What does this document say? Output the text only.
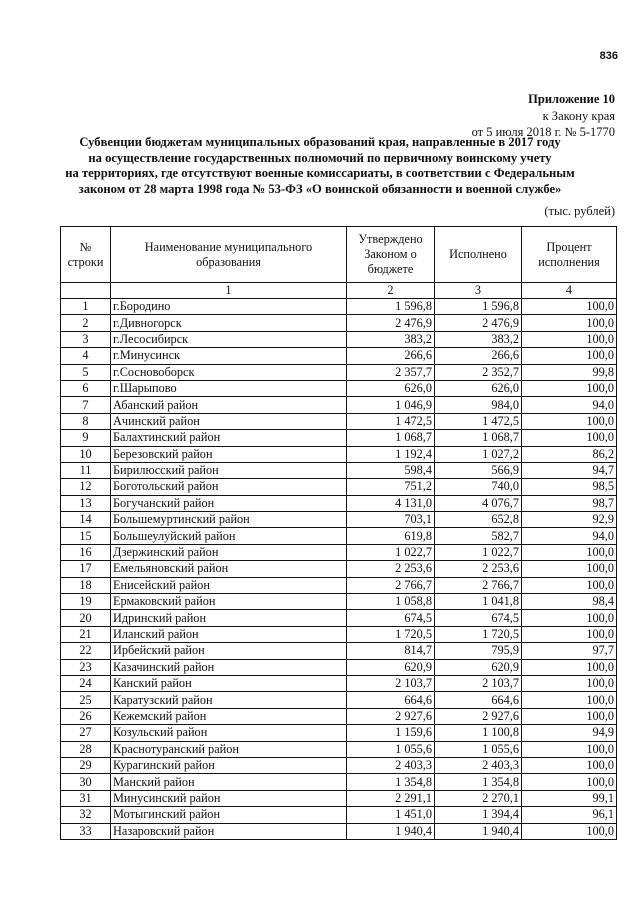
836
Приложение 10
к Закону края
от 5 июля 2018 г. № 5-1770
Субвенции бюджетам муниципальных образований края, направленные в 2017 году
на осуществление государственных полномочий по первичному воинскому учету
на территориях, где отсутствуют военные комиссариаты, в соответствии с Федеральным
законом от 28 марта 1998 года № 53-ФЗ «О воинской обязанности и военной службе»
(тыс. рублей)
№ строки	Наименование муниципального образования	Утверждено Законом о бюджете	Исполнено	Процент исполнения
	1	2	3	4
1	г.Бородино	1 596,8	1 596,8	100,0
2	г.Дивногорск	2 476,9	2 476,9	100,0
3	г.Лесосибирск	383,2	383,2	100,0
4	г.Минусинск	266,6	266,6	100,0
5	г.Сосновоборск	2 357,7	2 352,7	99,8
6	г.Шарыпово	626,0	626,0	100,0
7	Абанский район	1 046,9	984,0	94,0
8	Ачинский район	1 472,5	1 472,5	100,0
9	Балахтинский район	1 068,7	1 068,7	100,0
10	Березовский район	1 192,4	1 027,2	86,2
11	Бирилюсский район	598,4	566,9	94,7
12	Боготольский район	751,2	740,0	98,5
13	Богучанский район	4 131,0	4 076,7	98,7
14	Большемуртинский район	703,1	652,8	92,9
15	Большеулуйский район	619,8	582,7	94,0
16	Дзержинский район	1 022,7	1 022,7	100,0
17	Емельяновский район	2 253,6	2 253,6	100,0
18	Енисейский район	2 766,7	2 766,7	100,0
19	Ермаковский район	1 058,8	1 041,8	98,4
20	Идринский район	674,5	674,5	100,0
21	Иланский район	1 720,5	1 720,5	100,0
22	Ирбейский район	814,7	795,9	97,7
23	Казачинский район	620,9	620,9	100,0
24	Канский район	2 103,7	2 103,7	100,0
25	Каратузский район	664,6	664,6	100,0
26	Кежемский район	2 927,6	2 927,6	100,0
27	Козульский район	1 159,6	1 100,8	94,9
28	Краснотуранский район	1 055,6	1 055,6	100,0
29	Курагинский район	2 403,3	2 403,3	100,0
30	Манский район	1 354,8	1 354,8	100,0
31	Минусинский район	2 291,1	2 270,1	99,1
32	Мотыгинский район	1 451,0	1 394,4	96,1
33	Назаровский район	1 940,4	1 940,4	100,0
